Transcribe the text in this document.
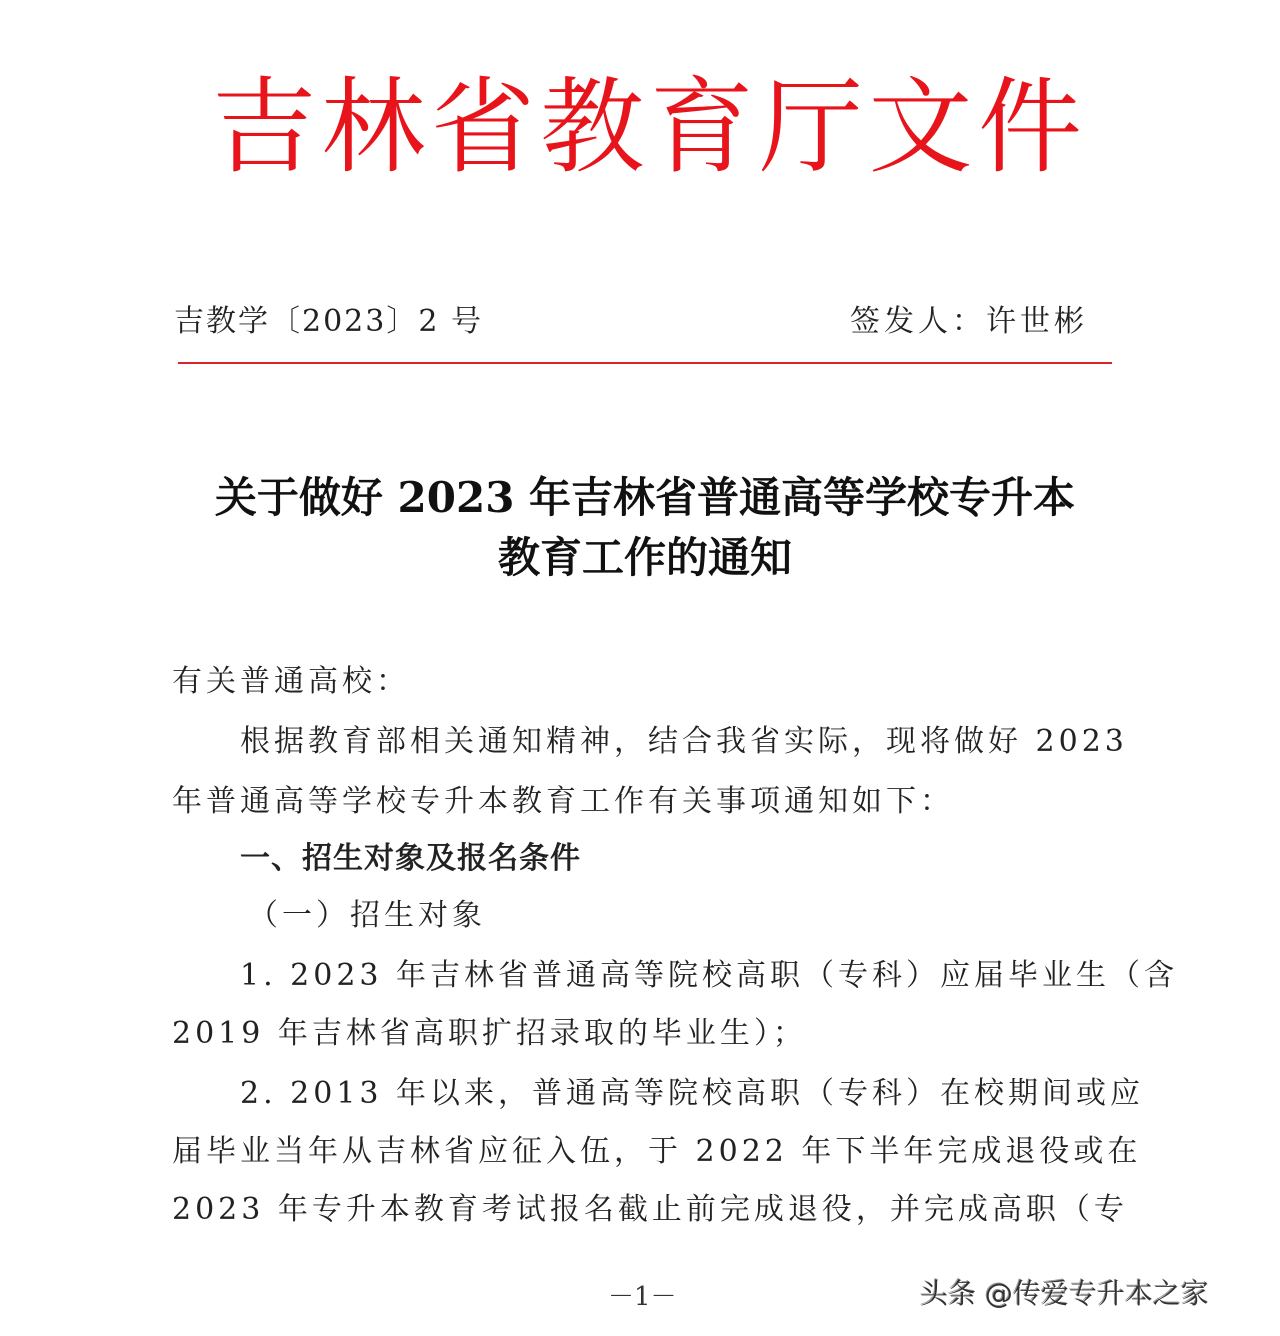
吉 林 省 教 育 厅 文 件
吉教学〔2023〕2 号	签发人：许世彬
关于做好 2023 年吉林省普通高等学校专升本
教育工作的通知
有关普通高校：
根据教育部相关通知精神，结合我省实际，现将做好 2023
年普通高等学校专升本教育工作有关事项通知如下：
一、招生对象及报名条件
（一）招生对象
1. 2023 年吉林省普通高等院校高职（专科）应届毕业生（含
2019 年吉林省高职扩招录取的毕业生）；
2. 2013 年以来，普通高等院校高职（专科）在校期间或应
届毕业当年从吉林省应征入伍，于 2022 年下半年完成退役或在
2023 年专升本教育考试报名截止前完成退役，并完成高职（专
－1－	头条 @传爱专升本之家
